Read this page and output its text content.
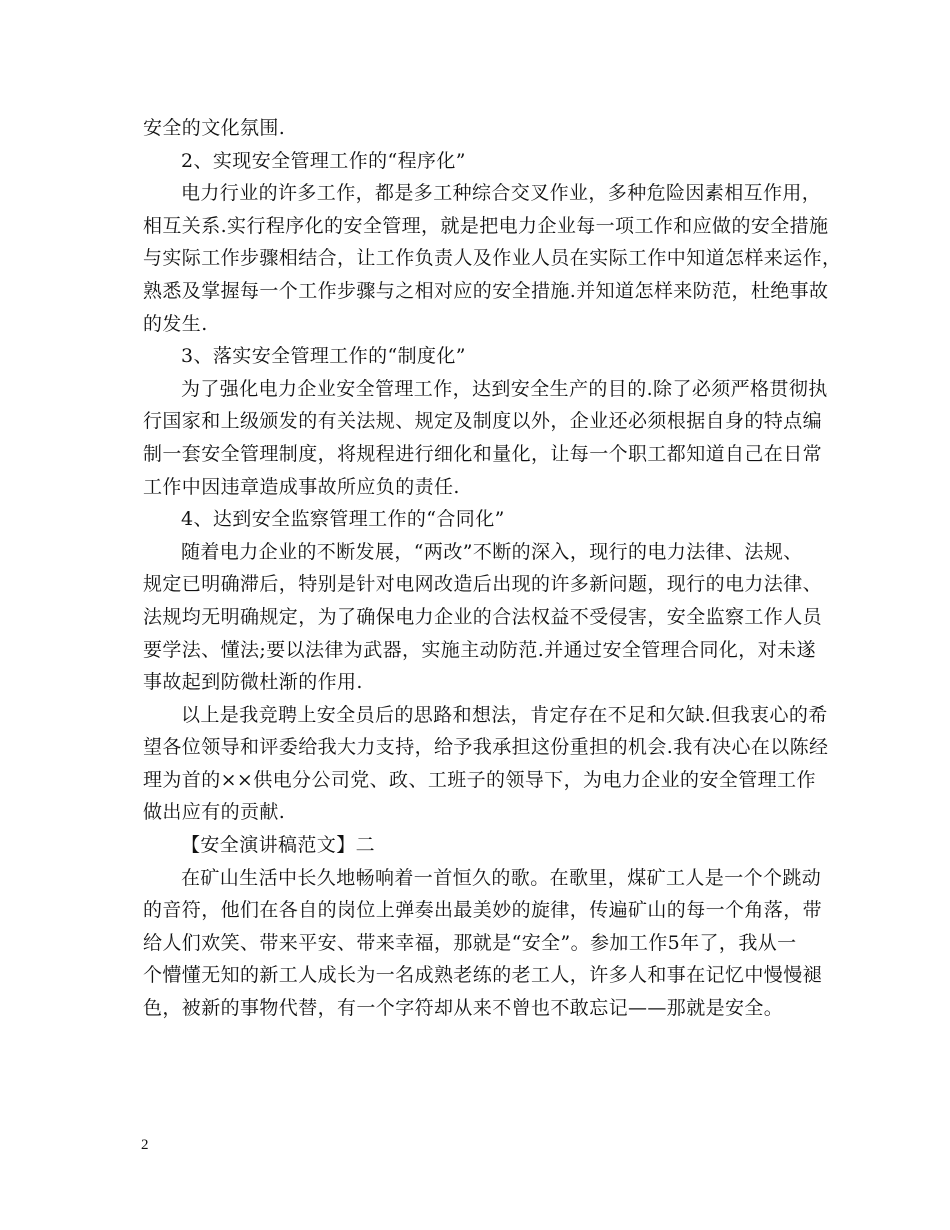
安全的文化氛围.
2、实现安全管理工作的“程序化”
电力行业的许多工作，都是多工种综合交叉作业，多种危险因素相互作用，
相互关系.实行程序化的安全管理，就是把电力企业每一项工作和应做的安全措施
与实际工作步骤相结合，让工作负责人及作业人员在实际工作中知道怎样来运作，
熟悉及掌握每一个工作步骤与之相对应的安全措施.并知道怎样来防范，杜绝事故
的发生.
3、落实安全管理工作的“制度化”
为了强化电力企业安全管理工作，达到安全生产的目的.除了必须严格贯彻执
行国家和上级颁发的有关法规、规定及制度以外，企业还必须根据自身的特点编
制一套安全管理制度，将规程进行细化和量化，让每一个职工都知道自己在日常
工作中因违章造成事故所应负的责任.
4、达到安全监察管理工作的“合同化”
随着电力企业的不断发展，“两改”不断的深入，现行的电力法律、法规、
规定已明确滞后，特别是针对电网改造后出现的许多新问题，现行的电力法律、
法规均无明确规定，为了确保电力企业的合法权益不受侵害，安全监察工作人员
要学法、懂法;要以法律为武器，实施主动防范.并通过安全管理合同化，对未遂
事故起到防微杜渐的作用.
以上是我竞聘上安全员后的思路和想法，肯定存在不足和欠缺.但我衷心的希
望各位领导和评委给我大力支持，给予我承担这份重担的机会.我有决心在以陈经
理为首的××供电分公司党、政、工班子的领导下，为电力企业的安全管理工作
做出应有的贡献.
【安全演讲稿范文】二
在矿山生活中长久地畅响着一首恒久的歌。在歌里，煤矿工人是一个个跳动
的音符，他们在各自的岗位上弹奏出最美妙的旋律，传遍矿山的每一个角落，带
给人们欢笑、带来平安、带来幸福，那就是“安全”。参加工作5年了，我从一
个懵懂无知的新工人成长为一名成熟老练的老工人，许多人和事在记忆中慢慢褪
色，被新的事物代替，有一个字符却从来不曾也不敢忘记——那就是安全。
2
